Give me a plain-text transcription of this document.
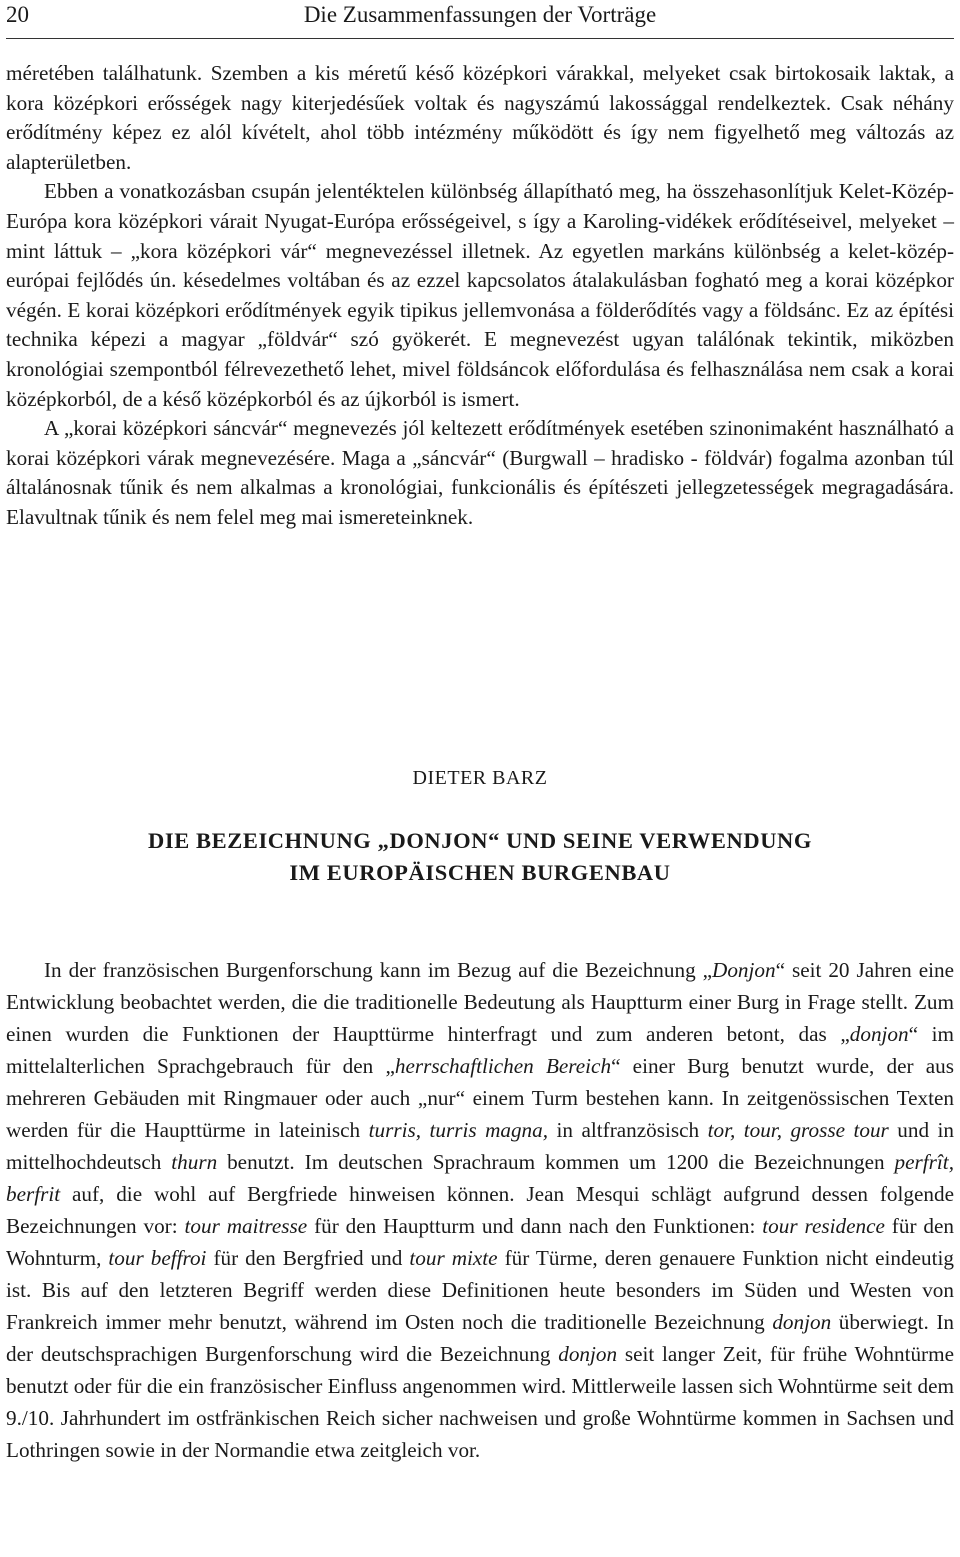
20	Die Zusammenfassungen der Vorträge

méretében találhatunk. Szemben a kis méretű késő középkori várakkal, melyeket csak birtokosaik laktak, a kora középkori erősségek nagy kiterjedésűek voltak és nagyszámú lakossággal rendelkeztek. Csak néhány erődítmény képez ez alól kívételt, ahol több intézmény működött és így nem figyelhető meg változás az alapterületben.

Ebben a vonatkozásban csupán jelentéktelen különbség állapítható meg, ha összehasonlítjuk Kelet-Közép-Európa kora középkori várait Nyugat-Európa erősségeivel, s így a Karoling-vidékek erődítéseivel, melyeket – mint láttuk – „kora középkori vár“ megnevezéssel illetnek. Az egyetlen markáns különbség a kelet-közép-európai fejlődés ún. késedelmes voltában és az ezzel kapcsolatos átalakulásban fogható meg a korai középkor végén. E korai középkori erődítmények egyik tipikus jellemvonása a földerődítés vagy a földsánc. Ez az építési technika képezi a magyar „földvár“ szó gyökerét. E megnevezést ugyan találónak tekintik, miközben kronológiai szempontból félrevezethető lehet, mivel földsáncok előfordulása és felhasználása nem csak a korai középkorból, de a késő középkorból és az újkorból is ismert.

A „korai középkori sáncvár“ megnevezés jól keltezett erődítmények esetében szinonimaként használható a korai középkori várak megnevezésére. Maga a „sáncvár“ (Burgwall – hradisko - földvár) fogalma azonban túl általánosnak tűnik és nem alkalmas a kronológiai, funkcionális és építészeti jellegzetességek megragadására. Elavultnak tűnik és nem felel meg mai ismereteinknek.

DIETER BARZ
DIE BEZEICHNUNG „DONJON“ UND SEINE VERWENDUNG
IM EUROPÄISCHEN BURGENBAU

In der französischen Burgenforschung kann im Bezug auf die Bezeichnung „Donjon“ seit 20 Jahren eine Entwicklung beobachtet werden, die die traditionelle Bedeutung als Hauptturm einer Burg in Frage stellt. Zum einen wurden die Funktionen der Haupttürme hinterfragt und zum anderen betont, das „donjon“ im mittelalterlichen Sprachgebrauch für den „herrschaftlichen Bereich“ einer Burg benutzt wurde, der aus mehreren Gebäuden mit Ringmauer oder auch „nur“ einem Turm bestehen kann. In zeitgenössischen Texten werden für die Haupttürme in lateinisch turris, turris magna, in altfranzösisch tor, tour, grosse tour und in mittelhochdeutsch thurn benutzt. Im deutschen Sprachraum kommen um 1200 die Bezeichnungen perfrît, berfrit auf, die wohl auf Bergfriede hinweisen können. Jean Mesqui schlägt aufgrund dessen folgende Bezeichnungen vor: tour maitresse für den Hauptturm und dann nach den Funktionen: tour residence für den Wohnturm, tour beffroi für den Bergfried und tour mixte für Türme, deren genauere Funktion nicht eindeutig ist. Bis auf den letzteren Begriff werden diese Definitionen heute besonders im Süden und Westen von Frankreich immer mehr benutzt, während im Osten noch die traditionelle Bezeichnung donjon überwiegt. In der deutschsprachigen Burgenforschung wird die Bezeichnung donjon seit langer Zeit, für frühe Wohntürme benutzt oder für die ein französischer Einfluss angenommen wird. Mittlerweile lassen sich Wohntürme seit dem 9./10. Jahrhundert im ostfränkischen Reich sicher nachweisen und große Wohntürme kommen in Sachsen und Lothringen sowie in der Normandie etwa zeitgleich vor.
